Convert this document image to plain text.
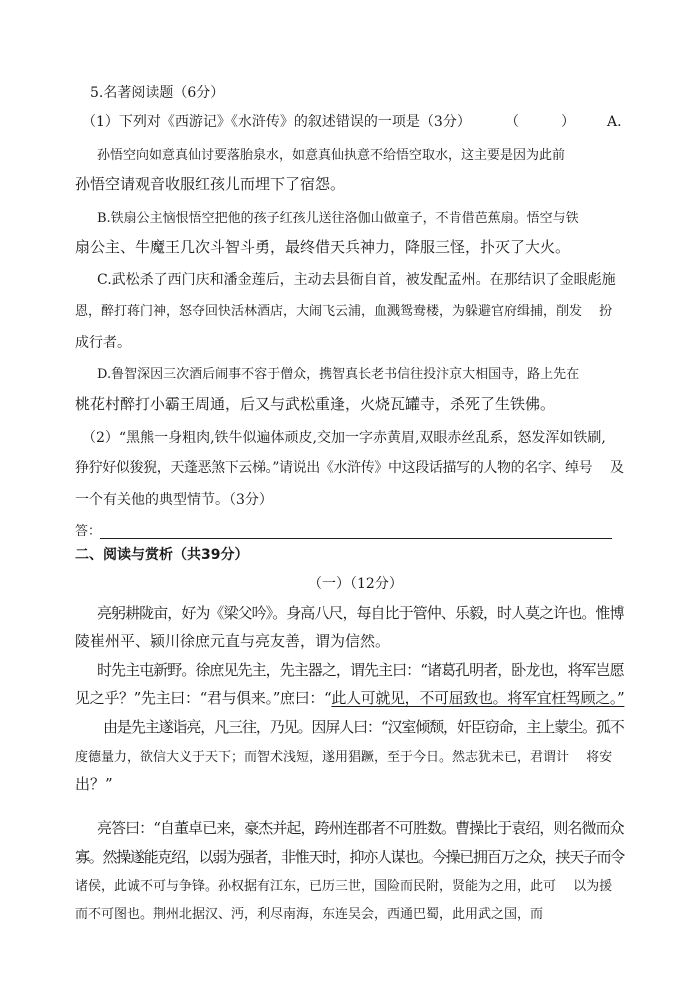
5.名著阅读题（6分）
（1）下列对《西游记》《水浒传》的叙述错误的一项是（3分） （　　　） A.
孙悟空向如意真仙讨要落胎泉水，如意真仙执意不给悟空取水，这主要是因为此前
孙悟空请观音收服红孩儿而埋下了宿怨。
B.铁扇公主恼恨悟空把他的孩子红孩儿送往洛伽山做童子，不肯借芭蕉扇。悟空与铁
扇公主、牛魔王几次斗智斗勇，最终借天兵神力，降服三怪，扑灭了大火。
C.武松杀了西门庆和潘金莲后，主动去县衙自首，被发配孟州。在那结识了金眼彪施
恩，醉打蒋门神，怒夺回快活林酒店，大闹飞云浦，血溅鸳鸯楼，为躲避官府缉捕，削发　 扮
成行者。
D.鲁智深因三次酒后闹事不容于僧众，携智真长老书信往投汴京大相国寺，路上先在
桃花村醉打小霸王周通，后又与武松重逢，火烧瓦罐寺，杀死了生铁佛。
（2）“黑熊一身粗肉,铁牛似遍体顽皮,交加一字赤黄眉,双眼赤丝乱系，怒发浑如铁刷,
狰狞好似狻猊，天蓬恶煞下云梯。”请说出《水浒传》中这段话描写的人物的名字、绰号　 及
一个有关他的典型情节。（3分）
答：
二、阅读与赏析（共39分）
（一）（12分）
亮躬耕陇亩，好为《梁父吟》。身高八尺，每自比于管仲、乐毅，时人莫之许也。惟博
陵崔州平、颍川徐庶元直与亮友善，谓为信然。
时先主屯新野。徐庶见先主，先主器之，谓先主曰：“诸葛孔明者，卧龙也，将军岂愿
见之乎？”先主曰：“君与俱来。”庶曰：“此人可就见，不可屈致也。将军宜枉驾顾之。”
由是先主遂诣亮，凡三往，乃见。因屏人曰：“汉室倾颓，奸臣窃命，主上蒙尘。孤不
度德量力，欲信大义于天下；而智术浅短，遂用猖蹶，至于今日。然志犹未已，君谓计　 将安
出？”
亮答曰：“自董卓已来，豪杰并起，跨州连郡者不可胜数。曹操比于袁绍，则名微而众
寡。然操遂能克绍，以弱为强者，非惟天时，抑亦人谋也。今操已拥百万之众，挟天子而令
诸侯，此诚不可与争锋。孙权据有江东，已历三世，国险而民附，贤能为之用，此可　 以为援
而不可图也。荆州北据汉、沔，利尽南海，东连吴会，西通巴蜀，此用武之国，而
